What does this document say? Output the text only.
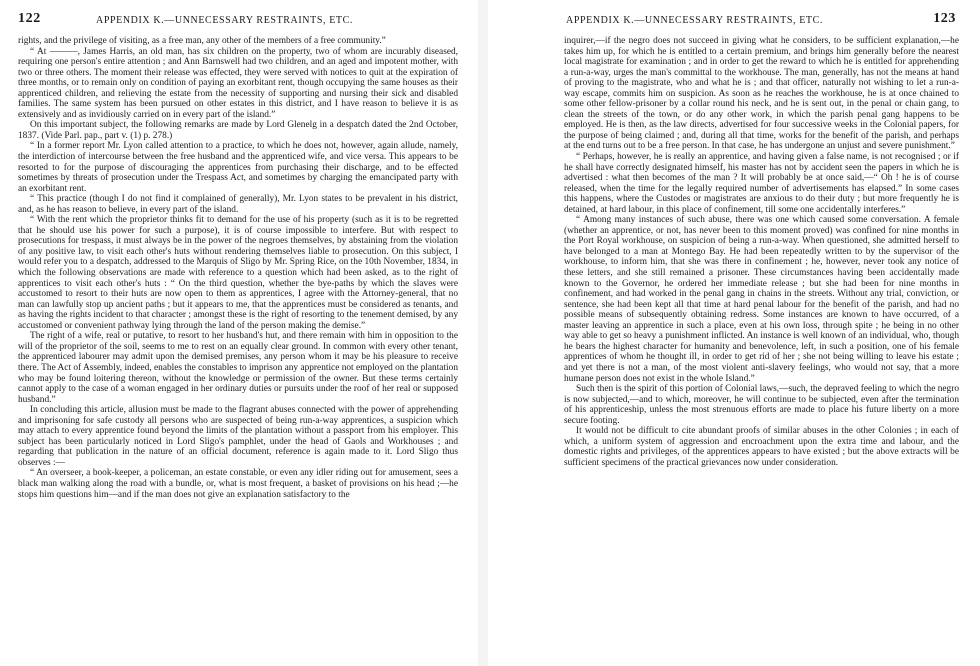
122	APPENDIX K.—UNNECESSARY RESTRAINTS, ETC.

rights, and the privilege of visiting, as a free man, any other of the members of a free community.”

“ At ———, James Harris, an old man, has six children on the property, two of whom are incurably diseased, requiring one person's entire attention ; and Ann Barnswell had two children, and an aged and impotent mother, with two or three others. The moment their release was effected, they were served with notices to quit at the expiration of three months, or to remain only on condition of paying an exorbitant rent, though occupying the same houses as their apprenticed children, and relieving the estate from the necessity of supporting and nursing their sick and disabled families. The same system has been pursued on other estates in this district, and I have reason to believe it is as extensively and as invidiously carried on in every part of the island.”

On this important subject, the following remarks are made by Lord Glenelg in a despatch dated the 2nd October, 1837. (Vide Parl. pap., part v. (1) p. 278.)

“ In a former report Mr. Lyon called attention to a practice, to which he does not, however, again allude, namely, the interdiction of intercourse between the free husband and the apprenticed wife, and vice versa. This appears to be resorted to for the purpose of discouraging the apprentices from purchasing their discharge, and to be effected sometimes by threats of prosecution under the Trespass Act, and sometimes by charging the emancipated party with an exorbitant rent.

“ This practice (though I do not find it complained of generally), Mr. Lyon states to be prevalent in his district, and, as he has reason to believe, in every part of the island.

“ With the rent which the proprietor thinks fit to demand for the use of his property (such as it is to be regretted that he should use his power for such a purpose), it is of course impossible to interfere. But with respect to prosecutions for trespass, it must always be in the power of the negroes themselves, by abstaining from the violation of any positive law, to visit each other's huts without rendering themselves liable to prosecution. On this subject, I would refer you to a despatch, addressed to the Marquis of Sligo by Mr. Spring Rice, on the 10th November, 1834, in which the following observations are made with reference to a question which had been asked, as to the right of apprentices to visit each other's huts : “ On the third question, whether the bye-paths by which the slaves were accustomed to resort to their huts are now open to them as apprentices, I agree with the Attorney-general, that no man can lawfully stop up ancient paths ; but it appears to me, that the apprentices must be considered as tenants, and as having the rights incident to that character ; amongst these is the right of resorting to the tenement demised, by any accustomed or convenient pathway lying through the land of the person making the demise.”

The right of a wife, real or putative, to resort to her husband's hut, and there remain with him in opposition to the will of the proprietor of the soil, seems to me to rest on an equally clear ground. In common with every other tenant, the apprenticed labourer may admit upon the demised premises, any person whom it may be his pleasure to receive there. The Act of Assembly, indeed, enables the constables to imprison any apprentice not employed on the plantation who may be found loitering thereon, without the knowledge or permission of the owner. But these terms certainly cannot apply to the case of a woman engaged in her ordinary duties or pursuits under the roof of her real or supposed husband.”

In concluding this article, allusion must be made to the flagrant abuses connected with the power of apprehending and imprisoning for safe custody all persons who are suspected of being run-a-way apprentices, a suspicion which may attach to every apprentice found beyond the limits of the plantation without a passport from his employer. This subject has been particularly noticed in Lord Sligo's pamphlet, under the head of Gaols and Workhouses ; and regarding that publication in the nature of an official document, reference is again made to it. Lord Sligo thus observes :—

“ An overseer, a book-keeper, a policeman, an estate constable, or even any idler riding out for amusement, sees a black man walking along the road with a bundle, or, what is most frequent, a basket of provisions on his head ;—he stops him questions him—and if the man does not give an explanation satisfactory to the

APPENDIX K.—UNNECESSARY RESTRAINTS, ETC.	123

inquirer,—if the negro does not succeed in giving what he considers, to be sufficient explanation,—he takes him up, for which he is entitled to a certain premium, and brings him generally before the nearest local magistrate for examination ; and in order to get the reward to which he is entitled for apprehending a run-a-way, urges the man's committal to the workhouse. The man, generally, has not the means at hand of proving to the magistrate, who and what he is ; and that officer, naturally not wishing to let a run-a-way escape, commits him on suspicion. As soon as he reaches the workhouse, he is at once chained to some other fellow-prisoner by a collar round his neck, and he is sent out, in the penal or chain gang, to clean the streets of the town, or do any other work, in which the parish penal gang happens to be employed. He is then, as the law directs, advertised for four successive weeks in the Colonial papers, for the purpose of being claimed ; and, during all that time, works for the benefit of the parish, and perhaps at the end turns out to be a free person. In that case, he has undergone an unjust and severe punishment.”

“ Perhaps, however, he is really an apprentice, and having given a false name, is not recognised ; or if he shall have correctly designated himself, his master has not by accident seen the papers in which he is advertised : what then becomes of the man ? It will probably be at once said,—“ Oh ! he is of course released, when the time for the legally required number of advertisements has elapsed.” In some cases this happens, where the Custodes or magistrates are anxious to do their duty ; but more frequently he is detained, at hard labour, in this place of confinement, till some one accidentally interferes.”

“ Among many instances of such abuse, there was one which caused some conversation. A female (whether an apprentice, or not, has never been to this moment proved) was confined for nine months in the Port Royal workhouse, on suspicion of being a run-a-way. When questioned, she admitted herself to have belonged to a man at Montego Bay. He had been repeatedly written to by the supervisor of the workhouse, to inform him, that she was there in confinement ; he, however, never took any notice of these letters, and she still remained a prisoner. These circumstances having been accidentally made known to the Governor, he ordered her immediate release ; but she had been for nine months in confinement, and had worked in the penal gang in chains in the streets. Without any trial, conviction, or sentence, she had been kept all that time at hard penal labour for the benefit of the parish, and had no possible means of subsequently obtaining redress. Some instances are known to have occurred, of a master leaving an apprentice in such a place, even at his own loss, through spite ; he being in no other way able to get so heavy a punishment inflicted. An instance is well known of an individual, who, though he bears the highest character for humanity and benevolence, left, in such a position, one of his female apprentices of whom he thought ill, in order to get rid of her ; she not being willing to leave his estate ; and yet there is not a man, of the most violent anti-slavery feelings, who would not say, that a more humane person does not exist in the whole Island.”

Such then is the spirit of this portion of Colonial laws,—such, the depraved feeling to which the negro is now subjected,—and to which, moreover, he will continue to be subjected, even after the termination of his apprenticeship, unless the most strenuous efforts are made to place his future liberty on a more secure footing.

It would not be difficult to cite abundant proofs of similar abuses in the other Colonies ; in each of which, a uniform system of aggression and encroachment upon the extra time and labour, and the domestic rights and privileges, of the apprentices appears to have existed ; but the above extracts will be sufficient specimens of the practical grievances now under consideration.
